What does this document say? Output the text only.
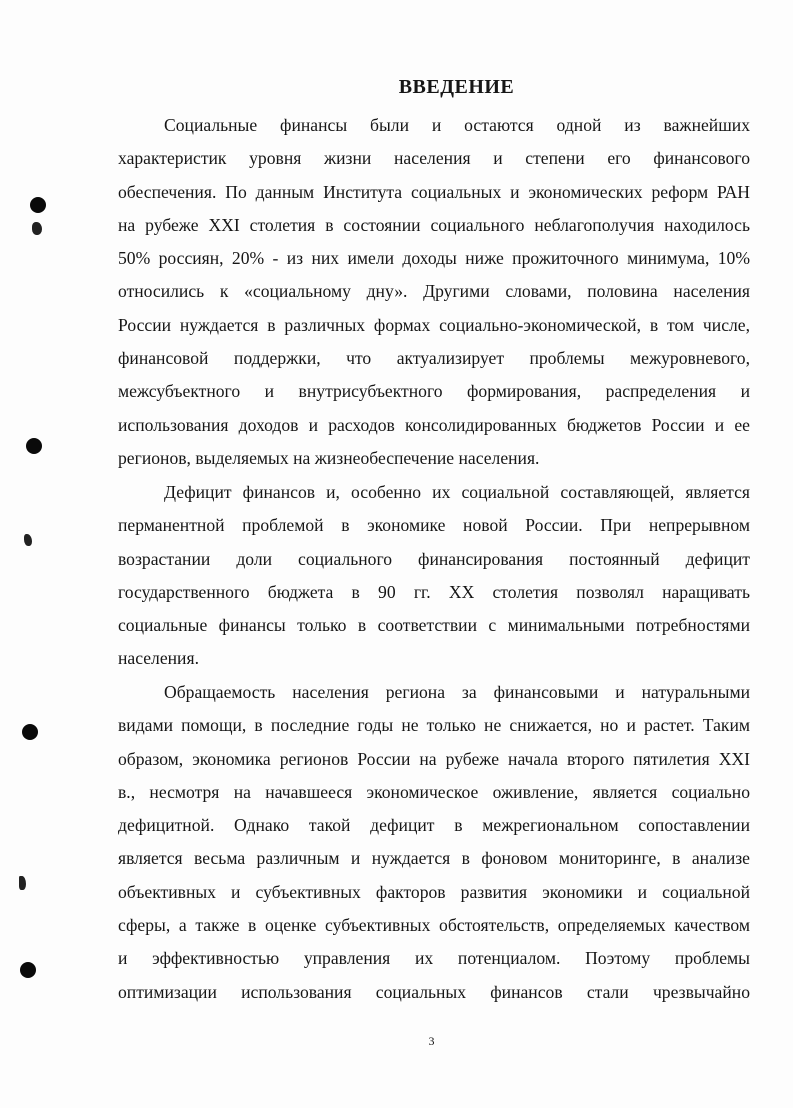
ВВЕДЕНИЕ
Социальные финансы были и остаются одной из важнейших
характеристик уровня жизни населения и степени его финансового
обеспечения. По данным Института социальных и экономических реформ РАН
на рубеже XXI столетия в состоянии социального неблагополучия находилось
50% россиян, 20% - из них имели доходы ниже прожиточного минимума, 10%
относились к «социальному дну». Другими словами, половина населения
России нуждается в различных формах социально-экономической, в том числе,
финансовой поддержки, что актуализирует проблемы межуровневого,
межсубъектного и внутрисубъектного формирования, распределения и
использования доходов и расходов консолидированных бюджетов России и ее
регионов, выделяемых на жизнеобеспечение населения.
Дефицит финансов и, особенно их социальной составляющей, является
перманентной проблемой в экономике новой России. При непрерывном
возрастании доли социального финансирования постоянный дефицит
государственного бюджета в 90 гг. XX столетия позволял наращивать
социальные финансы только в соответствии с минимальными потребностями
населения.
Обращаемость населения региона за финансовыми и натуральными
видами помощи, в последние годы не только не снижается, но и растет. Таким
образом, экономика регионов России на рубеже начала второго пятилетия XXI
в., несмотря на начавшееся экономическое оживление, является социально
дефицитной. Однако такой дефицит в межрегиональном сопоставлении
является весьма различным и нуждается в фоновом мониторинге, в анализе
объективных и субъективных факторов развития экономики и социальной
сферы, а также в оценке субъективных обстоятельств, определяемых качеством
и эффективностью управления их потенциалом. Поэтому проблемы
оптимизации использования социальных финансов стали чрезвычайно
3
